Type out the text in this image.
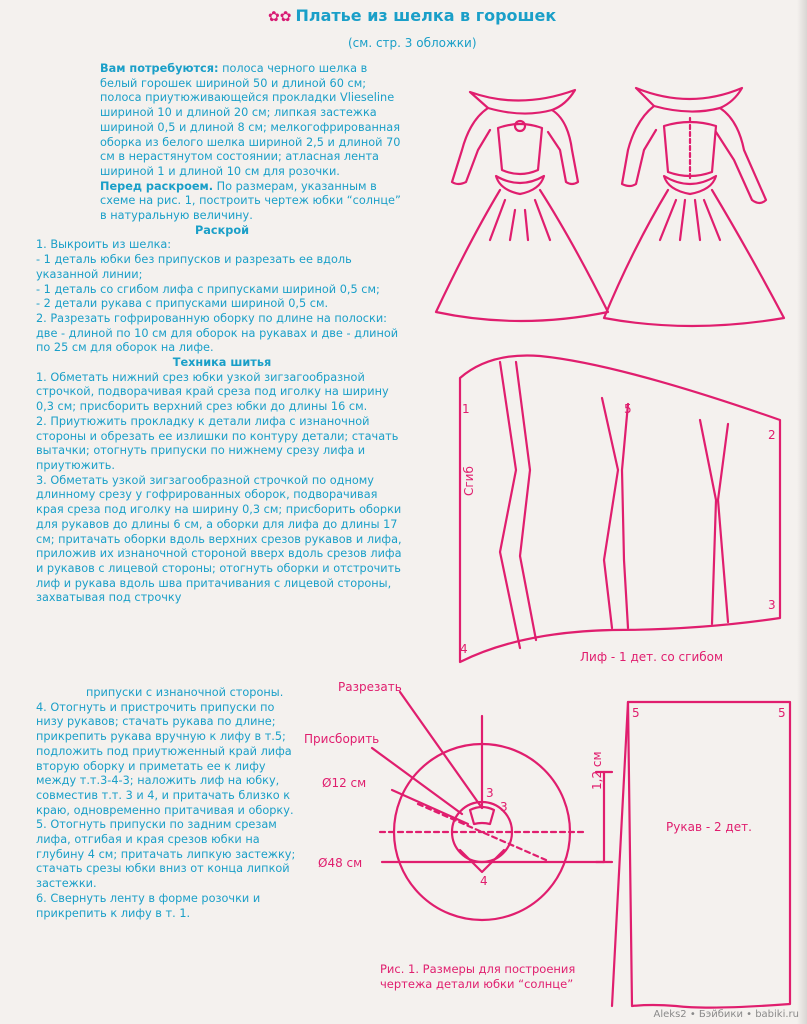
✿✿ Платье из шелка в горошек
(см. стр. 3 обложки)

Вам потребуются: полоса черного шелка в белый горошек шириной 50 и длиной 60 см; полоса приутюживающейся прокладки Vlieseline шириной 10 и длиной 20 см; липкая застежка шириной 0,5 и длиной 8 см; мелкогофрированная оборка из белого шелка шириной 2,5 и длиной 70 см в нерастянутом состоянии; атласная лента шириной 1 и длиной 10 см для розочки.

Перед раскроем. По размерам, указанным в схеме на рис. 1, построить чертеж юбки “солнце” в натуральную величину.

Раскрой

1. Выкроить из шелка:

- 1 деталь юбки без припусков и разрезать ее вдоль указанной линии;

- 1 деталь со сгибом лифа с припусками шириной 0,5 см;

- 2 детали рукава с припусками шириной 0,5 см.

2. Разрезать гофрированную оборку по длине на полоски: две - длиной по 10 см для оборок на рукавах и две - длиной по 25 см для оборок на лифе.

Техника шитья

1. Обметать нижний срез юбки узкой зигзагообразной строчкой, подворачивая край среза под иголку на ширину 0,3 см; присборить верхний срез юбки до длины 16 см.

2. Приутюжить прокладку к детали лифа с изнаночной стороны и обрезать ее излишки по контуру детали; стачать вытачки; отогнуть припуски по нижнему срезу лифа и приутюжить.

3. Обметать узкой зигзагообразной строчкой по одному длинному срезу у гофрированных оборок, подворачивая края среза под иголку на ширину 0,3 см; присборить оборки для рукавов до длины 6 см, а оборки для лифа до длины 17 см; притачать оборки вдоль верхних срезов рукавов и лифа, приложив их изнаночной стороной вверх вдоль срезов лифа и рукавов с лицевой стороны; отогнуть оборки и отстрочить лиф и рукава вдоль шва притачивания с лицевой стороны, захватывая под строчку

припуски с изнаночной стороны.

4. Отогнуть и пристрочить припуски по низу рукавов; стачать рукава по длине; прикрепить рукава вручную к лифу в т.5; подложить под приутюженный край лифа вторую оборку и приметать ее к лифу между т.т.3-4-3; наложить лиф на юбку, совместив т.т. 3 и 4, и притачать близко к краю, одновременно притачивая и оборку.

5. Отогнуть припуски по задним срезам лифа, отгибая и края срезов юбки на глубину 4 см; притачать липкую застежку; стачать срезы юбки вниз от конца липкой застежки.

6. Свернуть ленту в форме розочки и прикрепить к лифу в т. 1.

1	5
2
3
4
Сгиб
Лиф - 1 дет. со сгибом
5	5
Рукав - 2 дет.
Разрезать
Присборить
Ø12 см
Ø48 см
1,2 см
3
3
4

Рис. 1. Размеры для построения

чертежа детали юбки “солнце”

Aleks2 • Бэйбики • babiki.ru
